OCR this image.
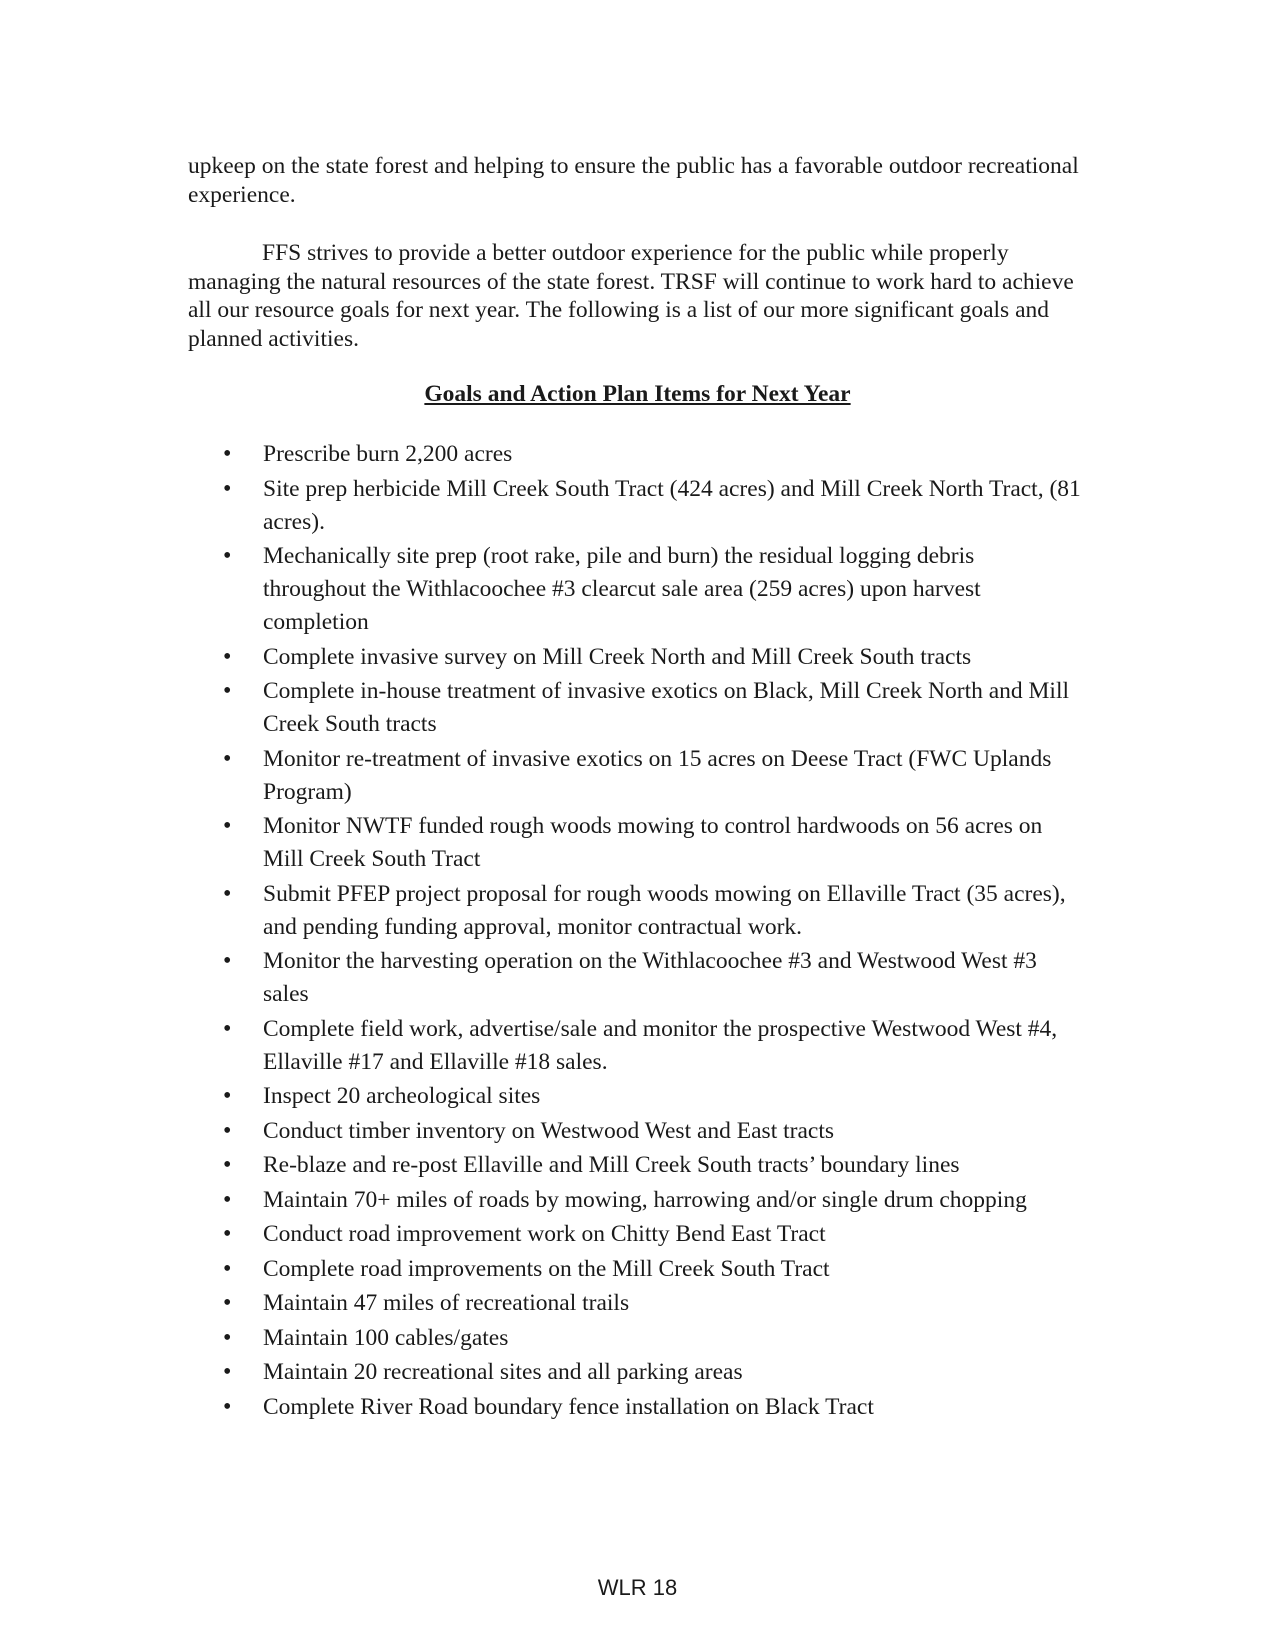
upkeep on the state forest and helping to ensure the public has a favorable outdoor recreational experience.

FFS strives to provide a better outdoor experience for the public while properly managing the natural resources of the state forest. TRSF will continue to work hard to achieve all our resource goals for next year. The following is a list of our more significant goals and planned activities.

Goals and Action Plan Items for Next Year
• Prescribe burn 2,200 acres
• Site prep herbicide Mill Creek South Tract (424 acres) and Mill Creek North Tract, (81 acres).
• Mechanically site prep (root rake, pile and burn) the residual logging debris throughout the Withlacoochee #3 clearcut sale area (259 acres) upon harvest completion
• Complete invasive survey on Mill Creek North and Mill Creek South tracts
• Complete in-house treatment of invasive exotics on Black, Mill Creek North and Mill Creek South tracts
• Monitor re-treatment of invasive exotics on 15 acres on Deese Tract (FWC Uplands Program)
• Monitor NWTF funded rough woods mowing to control hardwoods on 56 acres on Mill Creek South Tract
• Submit PFEP project proposal for rough woods mowing on Ellaville Tract (35 acres), and pending funding approval, monitor contractual work.
• Monitor the harvesting operation on the Withlacoochee #3 and Westwood West #3 sales
• Complete field work, advertise/sale and monitor the prospective Westwood West #4, Ellaville #17 and Ellaville #18 sales.
• Inspect 20 archeological sites
• Conduct timber inventory on Westwood West and East tracts
• Re-blaze and re-post Ellaville and Mill Creek South tracts’ boundary lines
• Maintain 70+ miles of roads by mowing, harrowing and/or single drum chopping
• Conduct road improvement work on Chitty Bend East Tract
• Complete road improvements on the Mill Creek South Tract
• Maintain 47 miles of recreational trails
• Maintain 100 cables/gates
• Maintain 20 recreational sites and all parking areas
• Complete River Road boundary fence installation on Black Tract
WLR 18
